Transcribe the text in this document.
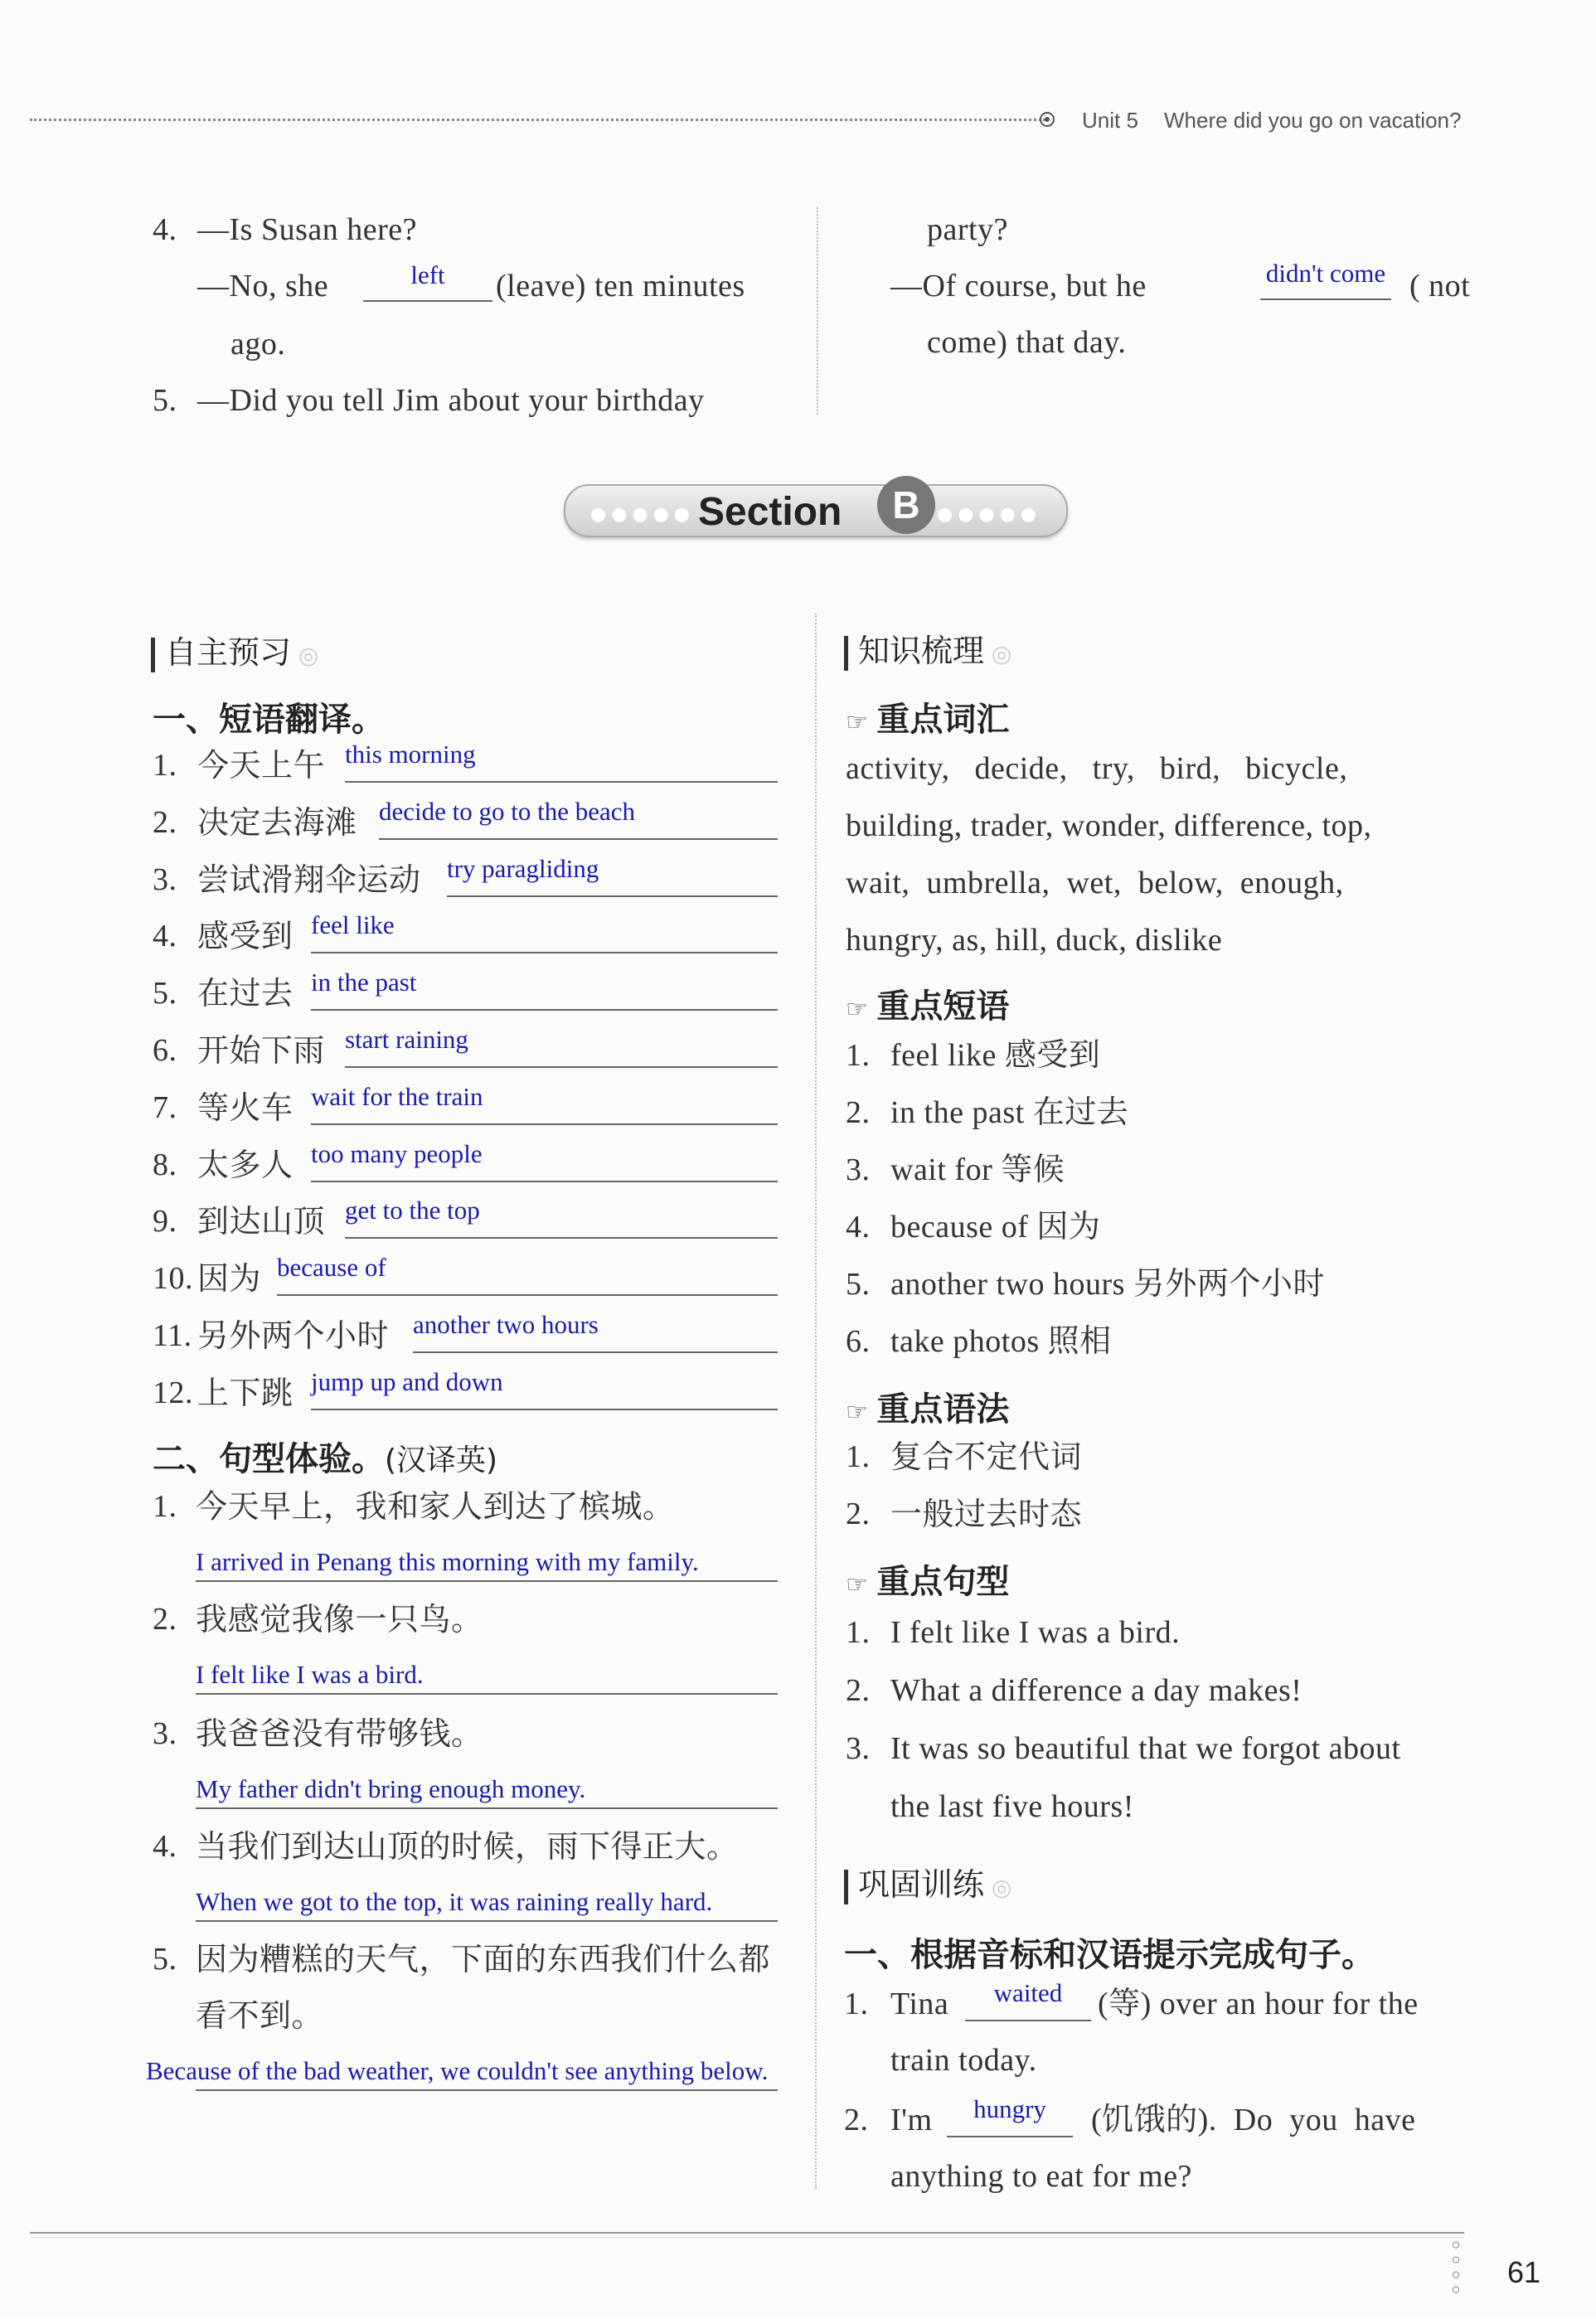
Unit 5 Where did you go on vacation?
4. —Is Susan here?
—No, she	left	(leave) ten minutes
ago.
5. —Did you tell Jim about your birthday
party?
—Of course, but he	didn't come ( not
come) that day.
●●●●●	●●●●●
Section	B
自主预习 ◎
一、短语翻译。
1. 今天上午 this morning
2. 决定去海滩 decide to go to the beach
3. 尝试滑翔伞运动 try paragliding
4. 感受到 feel like
5. 在过去 in the past
6. 开始下雨 start raining
7. 等火车 wait for the train
8. 太多人 too many people
9. 到达山顶 get to the top
10. 因为 because of
11. 另外两个小时 another two hours
12. 上下跳 jump up and down
二、句型体验。(汉译英)
1. 今天早上，我和家人到达了槟城。
I arrived in Penang this morning with my family.
2. 我感觉我像一只鸟。
I felt like I was a bird.
3. 我爸爸没有带够钱。
My father didn't bring enough money.
4. 当我们到达山顶的时候，雨下得正大。
When we got to the top, it was raining really hard.
5. 因为糟糕的天气，下面的东西我们什么都
看不到。
Because of the bad weather, we couldn't see anything below.
知识梳理 ◎
☞ 重点词汇
activity,   decide,   try,   bird,   bicycle,
building, trader, wonder, difference, top,
wait,  umbrella,  wet,  below,  enough,
hungry, as, hill, duck, dislike
☞ 重点短语
1. feel like 感受到
2. in the past 在过去
3. wait for 等候
4. because of 因为
5. another two hours 另外两个小时
6. take photos 照相
☞ 重点语法
1. 复合不定代词
2. 一般过去时态
☞ 重点句型
1. I felt like I was a bird.
2. What a difference a day makes!
3. It was so beautiful that we forgot about
the last five hours!
巩固训练 ◎
一、根据音标和汉语提示完成句子。
1. Tina	waited	(等) over an hour for the
train today.
2. I'm	hungry	(饥饿的).  Do  you  have
anything to eat for me?
○
○
○
○ 61
